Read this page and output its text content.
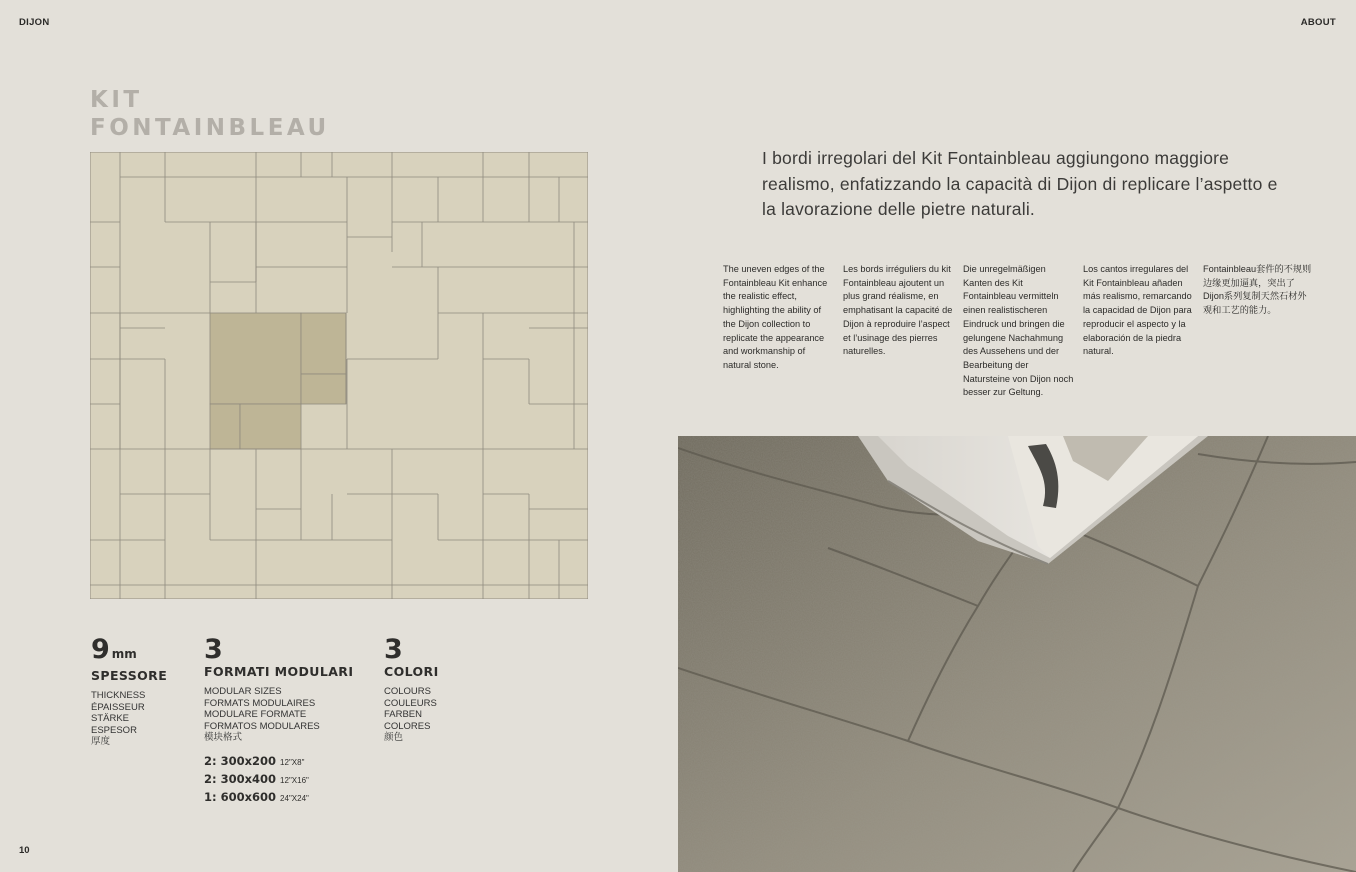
DIJON	ABOUT
KIT
FONTAINBLEAU
9 mm
SPESSORE
THICKNESS
ÉPAISSEUR
STÄRKE
ESPESOR
厚度
3
FORMATI MODULARI
MODULAR SIZES
FORMATS MODULAIRES
MODULARE FORMATE
FORMATOS MODULARES
模块格式
2: 300x200 12"X8"
2: 300x400 12"X16"
1: 600x600 24"X24"
3
COLORI
COLOURS
COULEURS
FARBEN
COLORES
颜色
10
I bordi irregolari del Kit Fontainbleau aggiungono maggiore realismo, enfatizzando la capacità di Dijon di replicare l’aspetto e la lavorazione delle pietre naturali.
The uneven edges of the Fontainbleau Kit enhance the realistic effect, highlighting the ability of the Dijon collection to replicate the appearance and workmanship of natural stone.
Les bords irréguliers du kit Fontainbleau ajoutent un plus grand réalisme, en emphatisant la capacité de Dijon à reproduire l’aspect et l’usinage des pierres naturelles.
Die unregelmäßigen Kanten des Kit Fontainbleau vermitteln einen realistischeren Eindruck und bringen die gelungene Nachahmung des Aussehens und der Bearbeitung der Natursteine von Dijon noch besser zur Geltung.
Los cantos irregulares del Kit Fontainbleau añaden más realismo, remarcando la capacidad de Dijon para reproducir el aspecto y la elaboración de la piedra natural.
Fontainbleau套件的不规则边缘更加逼真，突出了Dijon系列复制天然石材外观和工艺的能力。
